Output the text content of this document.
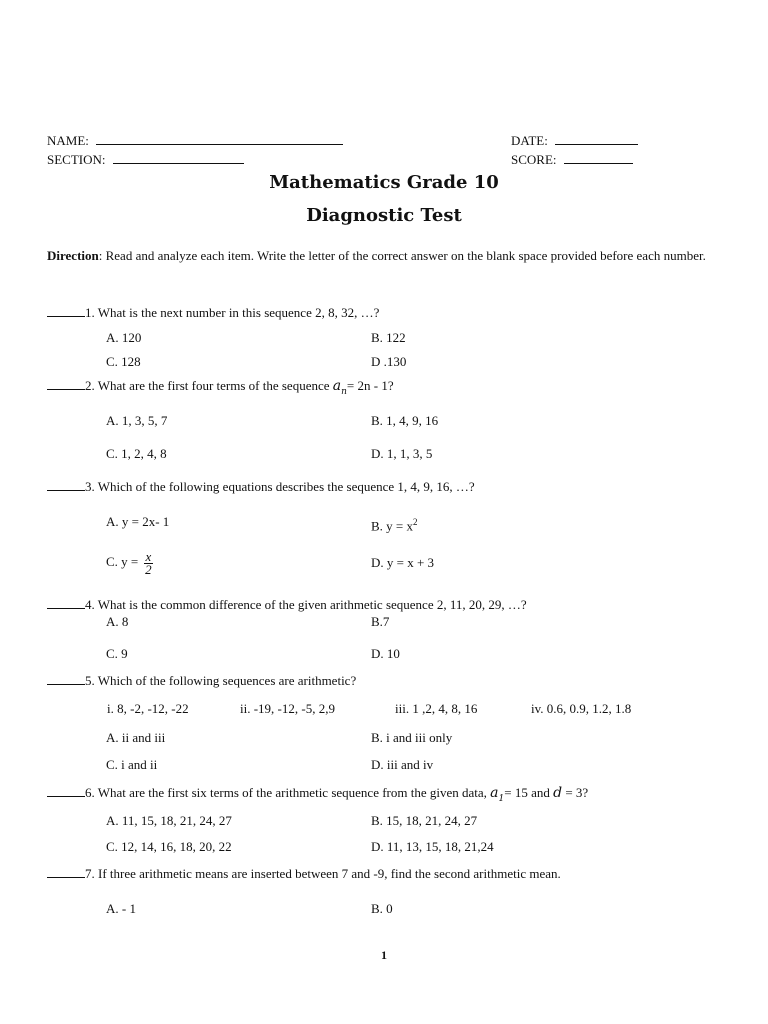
NAME:	DATE:
SECTION:	SCORE:
Mathematics Grade 10
Diagnostic Test
Direction: Read and analyze each item. Write the letter of the correct answer on the blank space provided before each number.
1. What is the next number in this sequence 2, 8, 32, …?
A. 120	B. 122
C. 128	D .130
2. What are the first four terms of the sequence $a_n= 2n - 1$?
A. 1, 3, 5, 7	B. 1, 4, 9, 16
C. 1, 2, 4, 8	D. 1, 1, 3, 5
3. Which of the following equations describes the sequence 1, 4, 9, 16, …?
A. y = 2x- 1	B. $y = x^2$
C. $y = \frac{x}{2}$	D. y = x + 3
4. What is the common difference of the given arithmetic sequence 2, 11, 20, 29, …?
A. 8	B.7
C. 9	D. 10
5. Which of the following sequences are arithmetic?
i. 8, -2, -12, -22	ii. -19, -12, -5, 2,9	iii. 1 ,2, 4, 8, 16	iv. 0.6, 0.9, 1.2, 1.8
A. ii and iii	B. i and iii only
C. i and ii	D. iii and iv
6. What are the first six terms of the arithmetic sequence from the given data, $a_1= 15$ and d = 3?
A. 11, 15, 18, 21, 24, 27	B. 15, 18, 21, 24, 27
C. 12, 14, 16, 18, 20, 22	D. 11, 13, 15, 18, 21,24
7. If three arithmetic means are inserted between 7 and -9, find the second arithmetic mean.
A. - 1	B. 0
1
